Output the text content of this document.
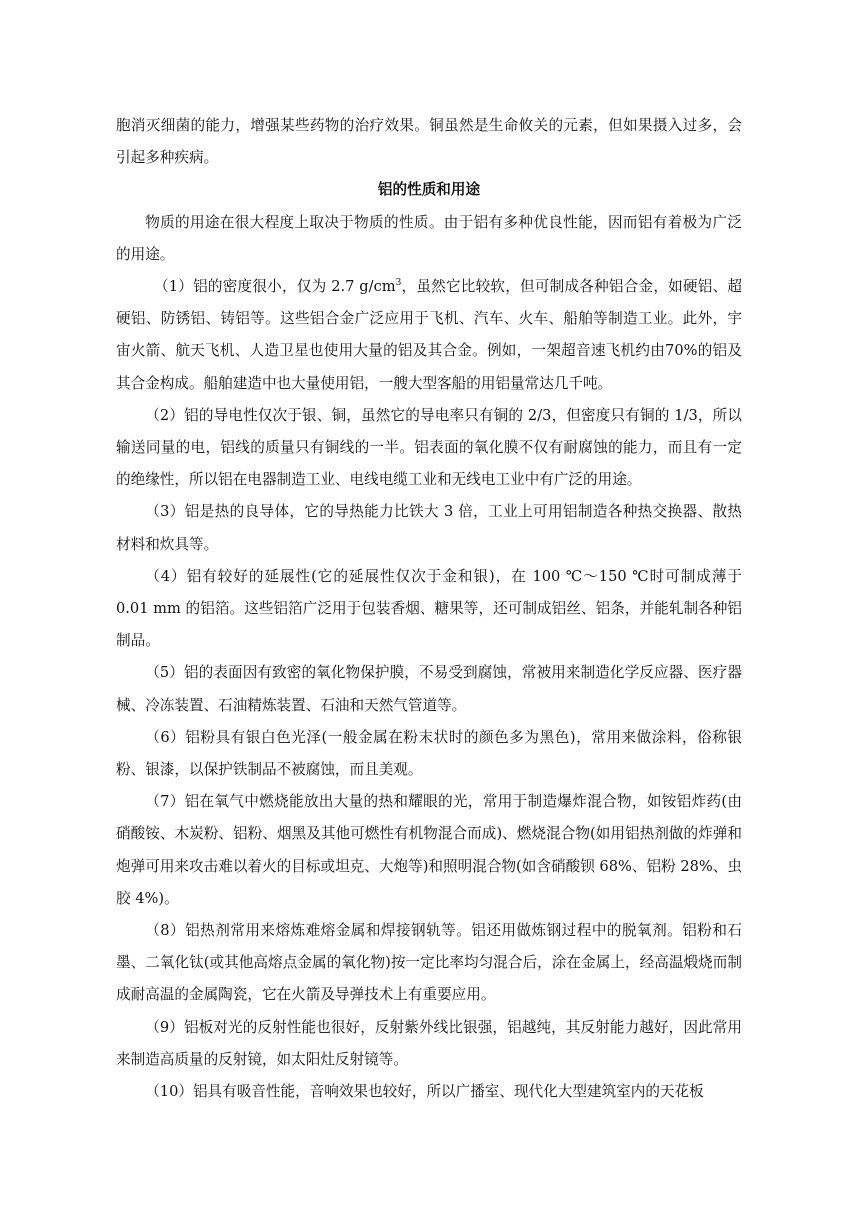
胞消灭细菌的能力，增强某些药物的治疗效果。铜虽然是生命攸关的元素，但如果摄入过多，会引起多种疾病。

铝的性质和用途

物质的用途在很大程度上取决于物质的性质。由于铝有多种优良性能，因而铝有着极为广泛的用途。

（1）铝的密度很小，仅为 2.7 $g/cm^3$，虽然它比较软，但可制成各种铝合金，如硬铝、超硬铝、防锈铝、铸铝等。这些铝合金广泛应用于飞机、汽车、火车、船舶等制造工业。此外，宇宙火箭、航天飞机、人造卫星也使用大量的铝及其合金。例如，一架超音速飞机约由70%的铝及其合金构成。船舶建造中也大量使用铝，一艘大型客船的用铝量常达几千吨。

（2）铝的导电性仅次于银、铜，虽然它的导电率只有铜的 2/3，但密度只有铜的 1/3，所以输送同量的电，铝线的质量只有铜线的一半。铝表面的氧化膜不仅有耐腐蚀的能力，而且有一定的绝缘性，所以铝在电器制造工业、电线电缆工业和无线电工业中有广泛的用途。

（3）铝是热的良导体，它的导热能力比铁大 3 倍，工业上可用铝制造各种热交换器、散热材料和炊具等。

（4）铝有较好的延展性(它的延展性仅次于金和银)，在 100 ℃～150 ℃时可制成薄于 0.01 mm 的铝箔。这些铝箔广泛用于包装香烟、糖果等，还可制成铝丝、铝条，并能轧制各种铝制品。

（5）铝的表面因有致密的氧化物保护膜，不易受到腐蚀，常被用来制造化学反应器、医疗器械、冷冻装置、石油精炼装置、石油和天然气管道等。

（6）铝粉具有银白色光泽(一般金属在粉末状时的颜色多为黑色)，常用来做涂料，俗称银粉、银漆，以保护铁制品不被腐蚀，而且美观。

（7）铝在氧气中燃烧能放出大量的热和耀眼的光，常用于制造爆炸混合物，如铵铝炸药(由硝酸铵、木炭粉、铝粉、烟黑及其他可燃性有机物混合而成)、燃烧混合物(如用铝热剂做的炸弹和炮弹可用来攻击难以着火的目标或坦克、大炮等)和照明混合物(如含硝酸钡 68%、铝粉 28%、虫胶 4%)。

（8）铝热剂常用来熔炼难熔金属和焊接钢轨等。铝还用做炼钢过程中的脱氧剂。铝粉和石墨、二氧化钛(或其他高熔点金属的氧化物)按一定比率均匀混合后，涂在金属上，经高温煅烧而制成耐高温的金属陶瓷，它在火箭及导弹技术上有重要应用。

（9）铝板对光的反射性能也很好，反射紫外线比银强，铝越纯，其反射能力越好，因此常用来制造高质量的反射镜，如太阳灶反射镜等。

（10）铝具有吸音性能，音响效果也较好，所以广播室、现代化大型建筑室内的天花板
